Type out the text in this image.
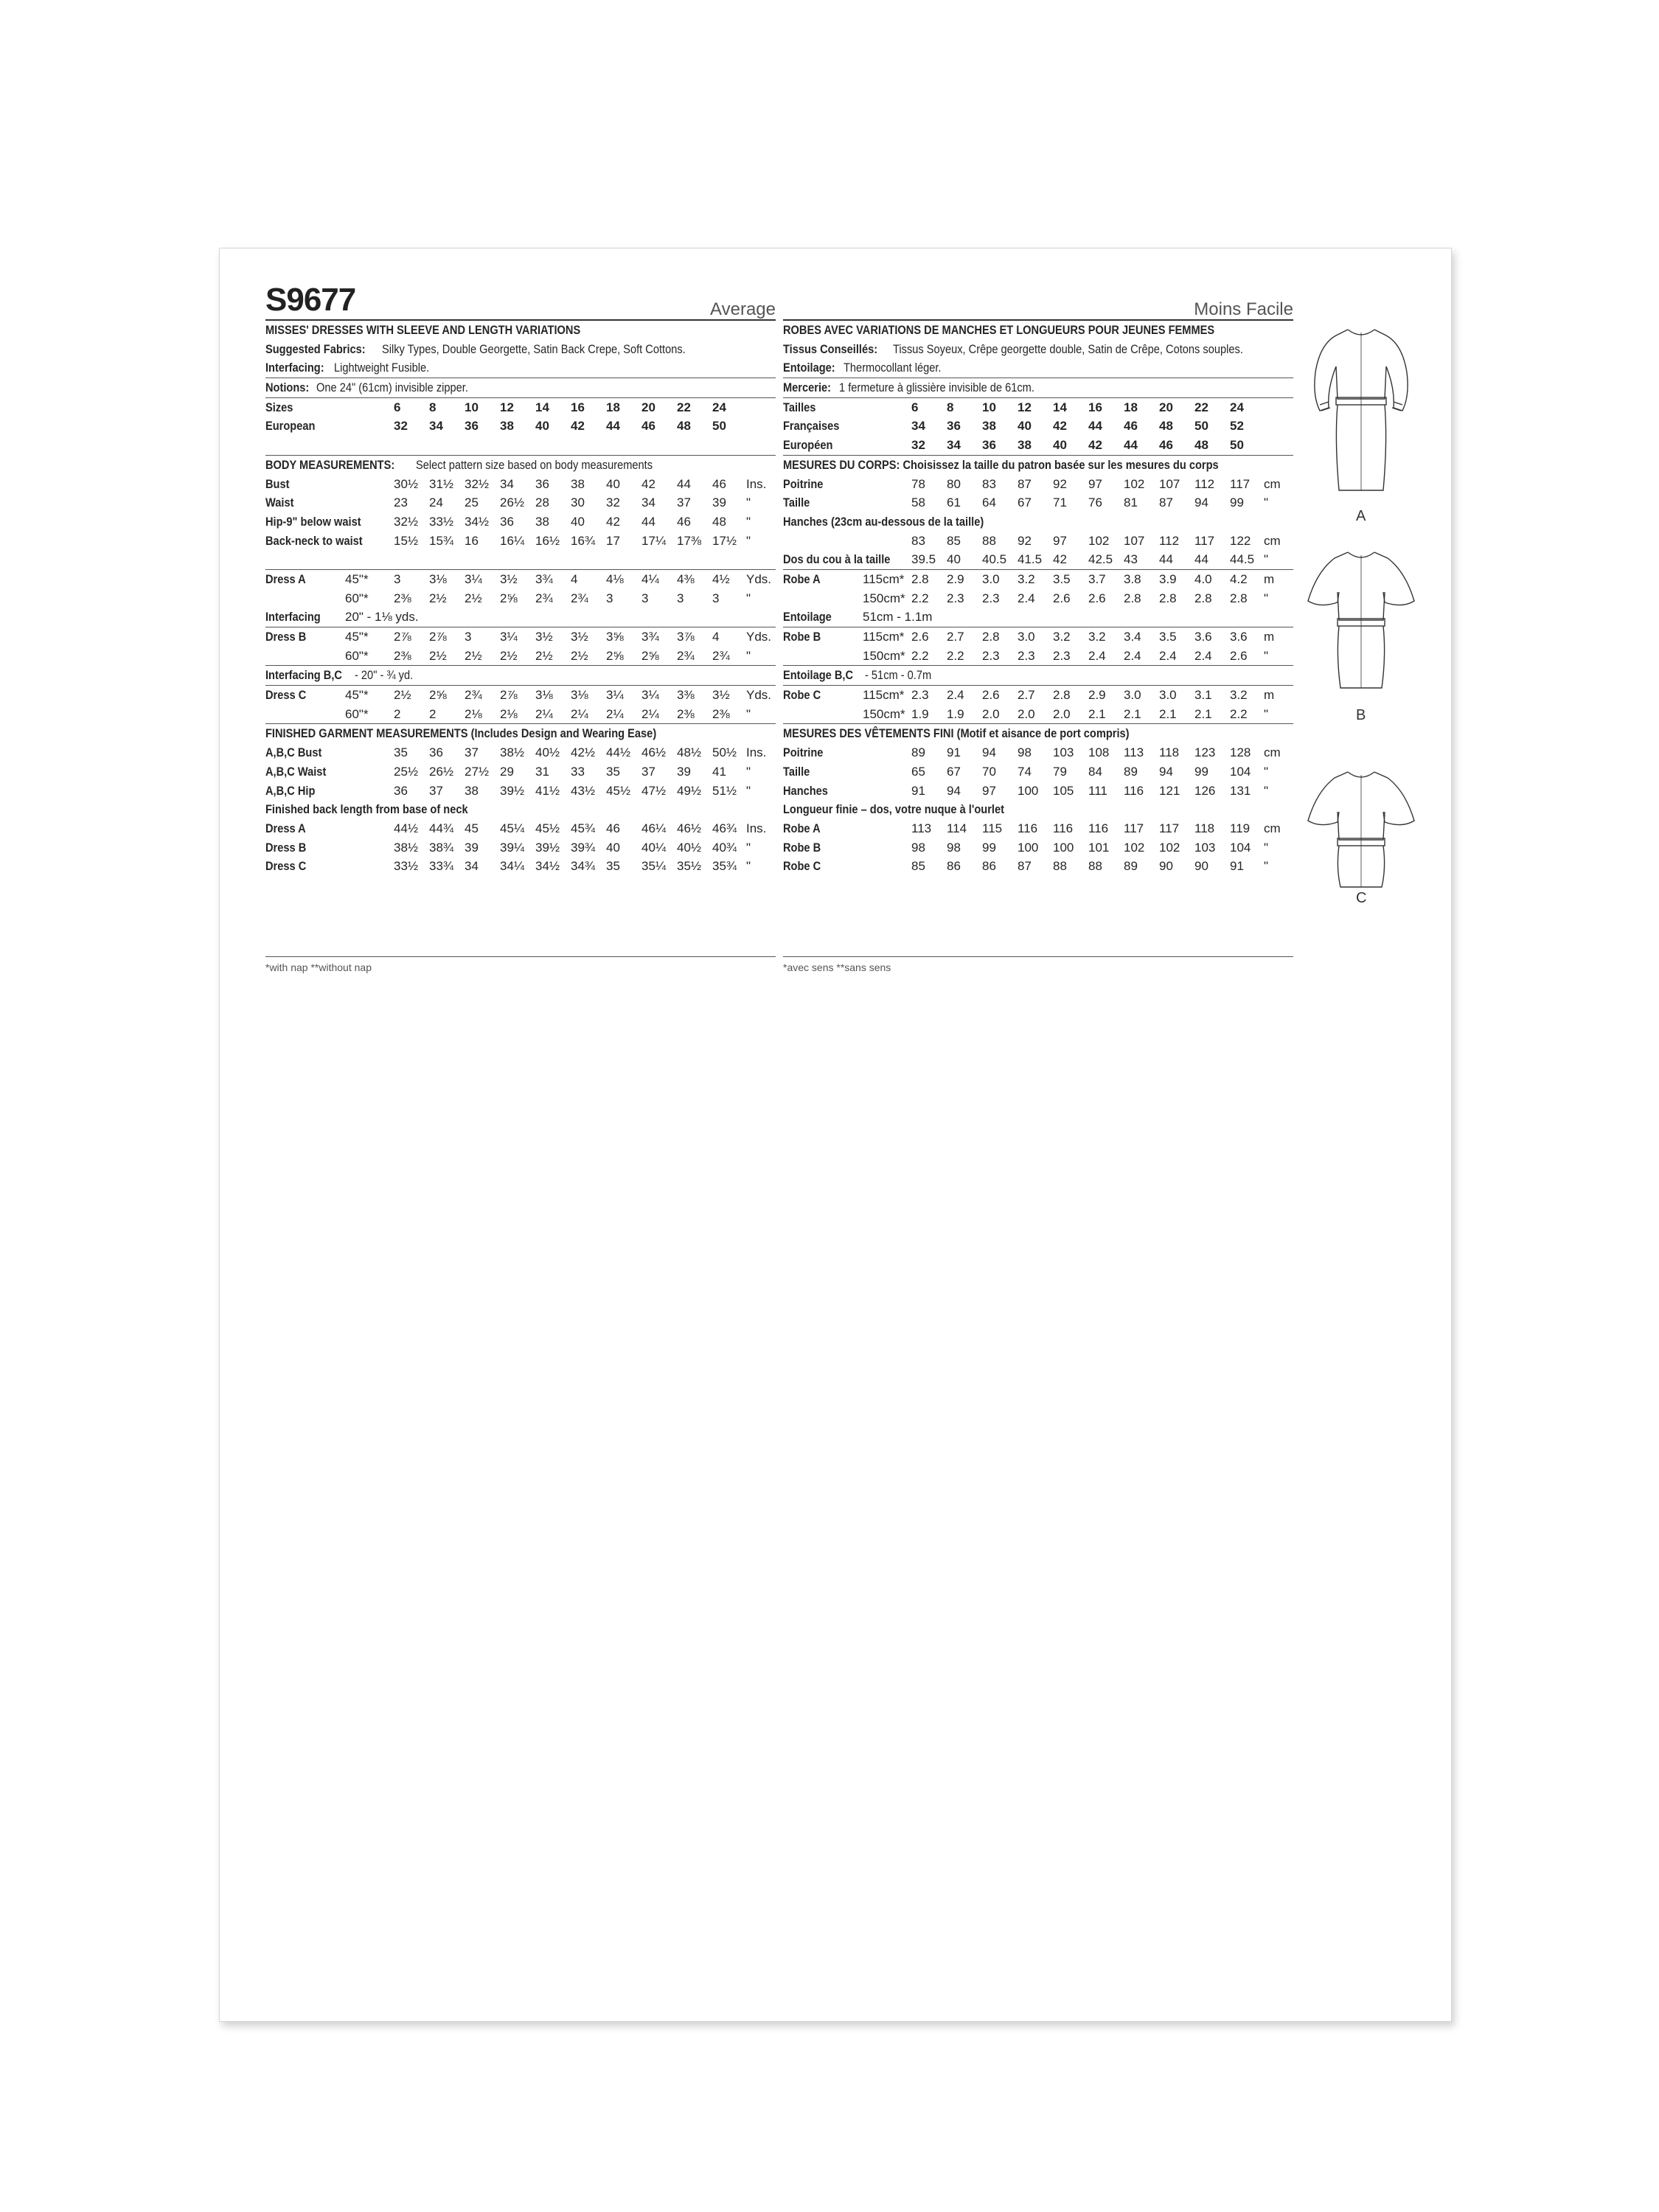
S9677	Average
MISSES' DRESSES WITH SLEEVE AND LENGTH VARIATIONS
Suggested Fabrics:Silky Types, Double Georgette, Satin Back Crepe, Soft Cottons.
Interfacing:Lightweight Fusible.
Notions:One 24" (61cm) invisible zipper.
Sizes	6 8 10 12 14 16 18 20 22 24
European	32 34 36 38 40 42 44 46 48 50
BODY MEASUREMENTS:Select pattern size based on body measurements
Bust	30½ 31½ 32½ 34 36 38 40 42 44 46 Ins.
Waist	23 24 25 26½ 28 30 32 34 37 39 "
Hip-9" below waist	32½ 33½ 34½ 36 38 40 42 44 46 48 "
Back-neck to waist	15½ 15¾ 16 16¼ 16½ 16¾ 17 17¼ 17⅜ 17½ "
Dress A	45"* 3 3⅛ 3¼ 3½ 3¾ 4 4⅛ 4¼ 4⅜ 4½ Yds.
60"* 2⅜ 2½ 2½ 2⅝ 2¾ 2¾ 3 3 3 3 "
Interfacing	20" - 1⅛ yds.
Dress B	45"* 2⅞ 2⅞ 3 3¼ 3½ 3½ 3⅝ 3¾ 3⅞ 4 Yds.
60"* 2⅜ 2½ 2½ 2½ 2½ 2½ 2⅝ 2⅝ 2¾ 2¾ "
Interfacing B,C- 20" - ¾ yd.
Dress C	45"* 2½ 2⅝ 2¾ 2⅞ 3⅛ 3⅛ 3¼ 3¼ 3⅜ 3½ Yds.
60"* 2 2 2⅛ 2⅛ 2¼ 2¼ 2¼ 2¼ 2⅜ 2⅜ "
FINISHED GARMENT MEASUREMENTS (Includes Design and Wearing Ease)
A,B,C Bust	35 36 37 38½ 40½ 42½ 44½ 46½ 48½ 50½ Ins.
A,B,C Waist	25½ 26½ 27½ 29 31 33 35 37 39 41 "
A,B,C Hip	36 37 38 39½ 41½ 43½ 45½ 47½ 49½ 51½ "
Finished back length from base of neck
Dress A	44½ 44¾ 45 45¼ 45½ 45¾ 46 46¼ 46½ 46¾ Ins.
Dress B	38½ 38¾ 39 39¼ 39½ 39¾ 40 40¼ 40½ 40¾ "
Dress C	33½ 33¾ 34 34¼ 34½ 34¾ 35 35¼ 35½ 35¾ "
*with nap **without nap
Moins Facile
ROBES AVEC VARIATIONS DE MANCHES ET LONGUEURS POUR JEUNES FEMMES
Tissus Conseillés:Tissus Soyeux, Crêpe georgette double, Satin de Crêpe, Cotons souples.
Entoilage:Thermocollant léger.
Mercerie:1 fermeture à glissière invisible de 61cm.
Tailles	6 8 10 12 14 16 18 20 22 24
Françaises	34 36 38 40 42 44 46 48 50 52
Européen	32 34 36 38 40 42 44 46 48 50
MESURES DU CORPS: Choisissez la taille du patron basée sur les mesures du corps
Poitrine	78 80 83 87 92 97 102 107 112 117 cm
Taille	58 61 64 67 71 76 81 87 94 99 "
Hanches (23cm au-dessous de la taille)
83 85 88 92 97 102 107 112 117 122 cm
Dos du cou à la taille	39.5 40 40.5 41.5 42 42.5 43 44 44 44.5 "
Robe A	115cm* 2.8 2.9 3.0 3.2 3.5 3.7 3.8 3.9 4.0 4.2 m
150cm* 2.2 2.3 2.3 2.4 2.6 2.6 2.8 2.8 2.8 2.8 "
Entoilage	51cm - 1.1m
Robe B	115cm* 2.6 2.7 2.8 3.0 3.2 3.2 3.4 3.5 3.6 3.6 m
150cm* 2.2 2.2 2.3 2.3 2.3 2.4 2.4 2.4 2.4 2.6 "
Entoilage B,C- 51cm - 0.7m
Robe C	115cm* 2.3 2.4 2.6 2.7 2.8 2.9 3.0 3.0 3.1 3.2 m
150cm* 1.9 1.9 2.0 2.0 2.0 2.1 2.1 2.1 2.1 2.2 "
MESURES DES VÊTEMENTS FINI (Motif et aisance de port compris)
Poitrine	89 91 94 98 103 108 113 118 123 128 cm
Taille	65 67 70 74 79 84 89 94 99 104 "
Hanches	91 94 97 100 105 111 116 121 126 131 "
Longueur finie – dos, votre nuque à l'ourlet
Robe A	113 114 115 116 116 116 117 117 118 119 cm
Robe B	98 98 99 100 100 101 102 102 103 104 "
Robe C	85 86 86 87 88 88 89 90 90 91 "
*avec sens **sans sens
A
B
C
